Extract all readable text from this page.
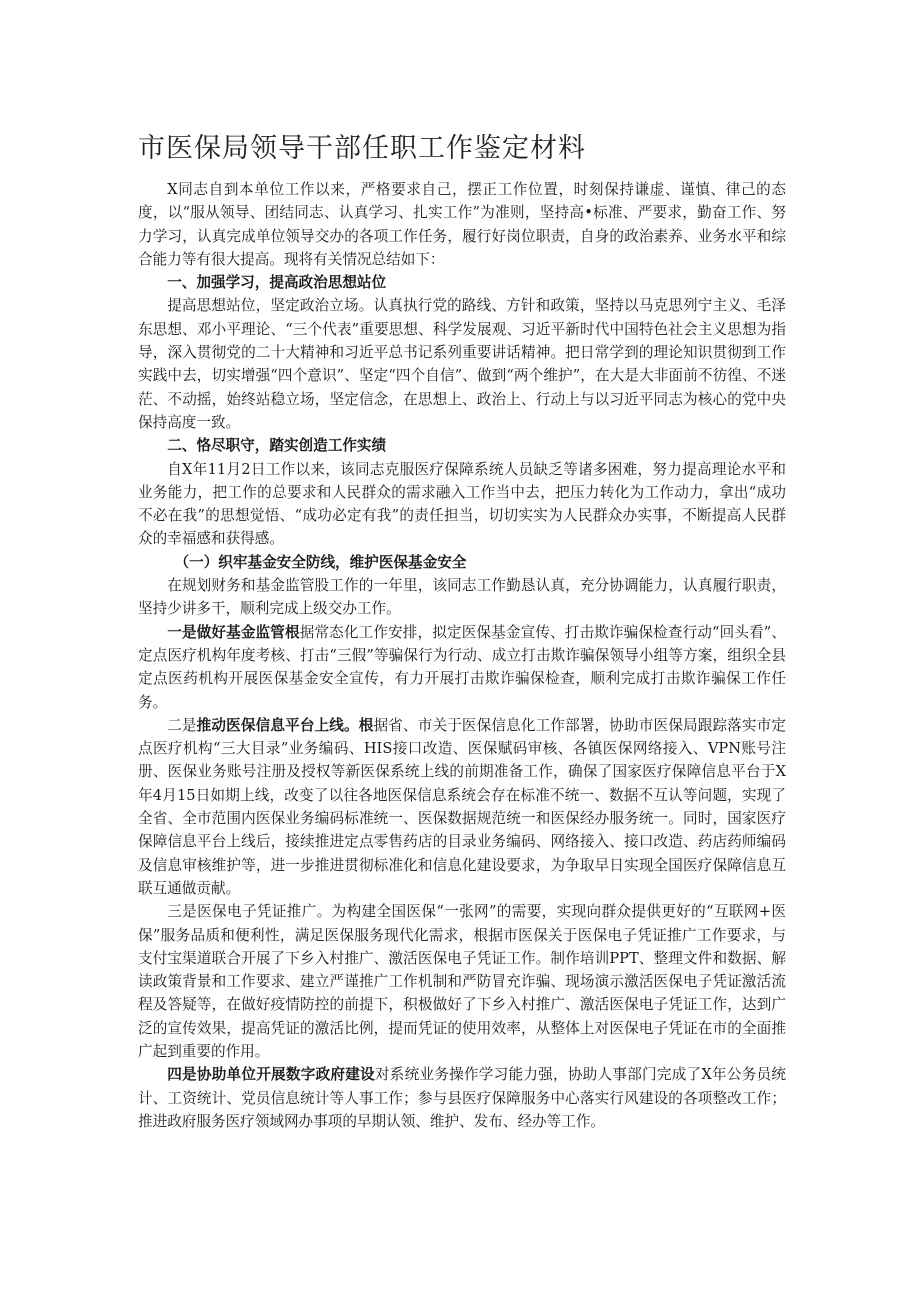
市医保局领导干部任职工作鉴定材料

X同志自到本单位工作以来，严格要求自己，摆正工作位置，时刻保持谦虚、谨慎、律己的态度，以“服从领导、团结同志、认真学习、扎实工作”为准则，坚持高•标准、严要求，勤奋工作、努力学习，认真完成单位领导交办的各项工作任务，履行好岗位职责，自身的政治素养、业务水平和综合能力等有很大提高。现将有关情况总结如下：

一、加强学习，提高政治思想站位

提高思想站位，坚定政治立场。认真执行党的路线、方针和政策，坚持以马克思列宁主义、毛泽东思想、邓小平理论、“三个代表”重要思想、科学发展观、习近平新时代中国特色社会主义思想为指导，深入贯彻党的二十大精神和习近平总书记系列重要讲话精神。把日常学到的理论知识贯彻到工作实践中去，切实增强“四个意识”、坚定“四个自信”、做到“两个维护”，在大是大非面前不彷徨、不迷茫、不动摇，始终站稳立场，坚定信念，在思想上、政治上、行动上与以习近平同志为核心的党中央保持高度一致。

二、恪尽职守，踏实创造工作实绩

自X年11月2日工作以来，该同志克服医疗保障系统人员缺乏等诸多困难，努力提高理论水平和业务能力，把工作的总要求和人民群众的需求融入工作当中去，把压力转化为工作动力，拿出“成功不必在我”的思想觉悟、“成功必定有我”的责任担当，切切实实为人民群众办实事，不断提高人民群众的幸福感和获得感。

（一）织牢基金安全防线，维护医保基金安全

在规划财务和基金监管股工作的一年里，该同志工作勤恳认真，充分协调能力，认真履行职责，坚持少讲多干，顺利完成上级交办工作。

一是做好基金监管根据常态化工作安排，拟定医保基金宣传、打击欺诈骗保检查行动“回头看”、定点医疗机构年度考核、打击“三假”等骗保行为行动、成立打击欺诈骗保领导小组等方案，组织全县定点医药机构开展医保基金安全宣传，有力开展打击欺诈骗保检查，顺利完成打击欺诈骗保工作任务。

二是推动医保信息平台上线。根据省、市关于医保信息化工作部署，协助市医保局跟踪落实市定点医疗机构“三大目录”业务编码、HIS接口改造、医保赋码审核、各镇医保网络接入、VPN账号注册、医保业务账号注册及授权等新医保系统上线的前期准备工作，确保了国家医疗保障信息平台于X年4月15日如期上线，改变了以往各地医保信息系统会存在标准不统一、数据不互认等问题，实现了全省、全市范围内医保业务编码标准统一、医保数据规范统一和医保经办服务统一。同时，国家医疗保障信息平台上线后，接续推进定点零售药店的目录业务编码、网络接入、接口改造、药店药师编码及信息审核维护等，进一步推进贯彻标准化和信息化建设要求，为争取早日实现全国医疗保障信息互联互通做贡献。

三是医保电子凭证推广。为构建全国医保“一张网”的需要，实现向群众提供更好的“互联网+医保”服务品质和便利性，满足医保服务现代化需求，根据市医保关于医保电子凭证推广工作要求，与支付宝渠道联合开展了下乡入村推广、激活医保电子凭证工作。制作培训PPT、整理文件和数据、解读政策背景和工作要求、建立严谨推广工作机制和严防冒充诈骗、现场演示激活医保电子凭证激活流程及答疑等，在做好疫情防控的前提下，积极做好了下乡入村推广、激活医保电子凭证工作，达到广泛的宣传效果，提高凭证的激活比例，提而凭证的使用效率，从整体上对医保电子凭证在市的全面推广起到重要的作用。

四是协助单位开展数字政府建设对系统业务操作学习能力强，协助人事部门完成了X年公务员统计、工资统计、党员信息统计等人事工作；参与县医疗保障服务中心落实行风建设的各项整改工作；推进政府服务医疗领域网办事项的早期认领、维护、发布、经办等工作。
